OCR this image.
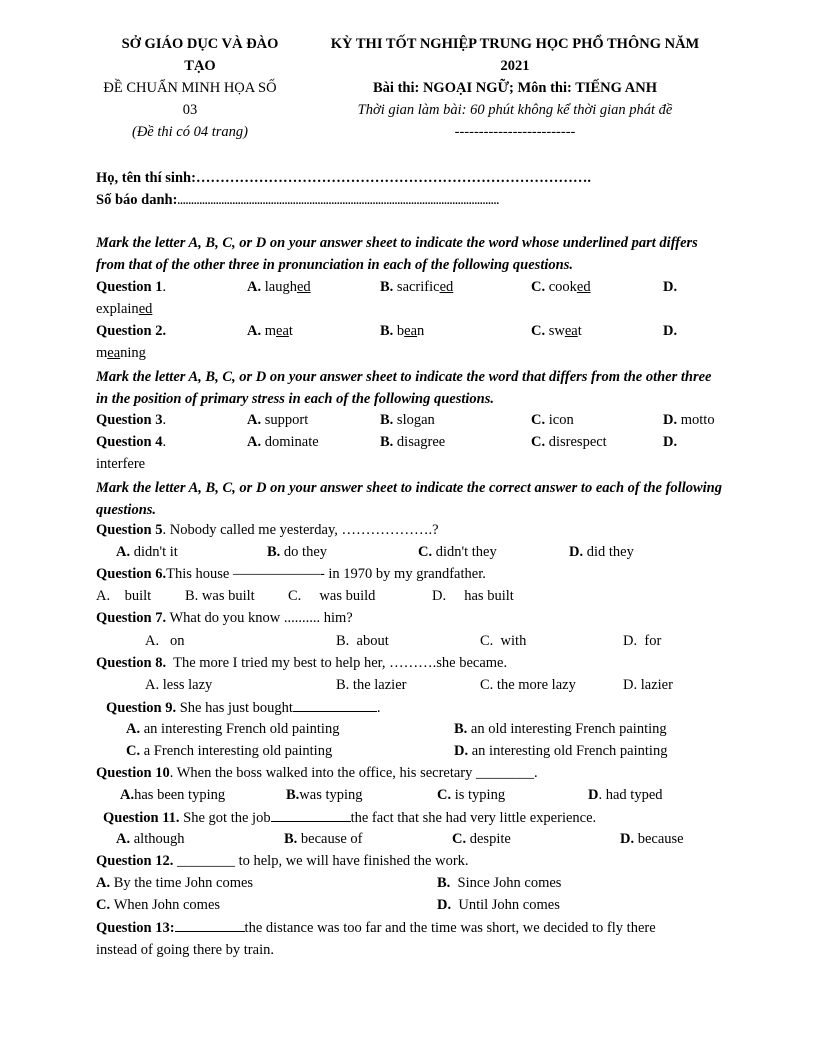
SỞ GIÁO DỤC VÀ ĐÀO
TẠO
ĐỀ CHUẨN MINH HỌA SỐ
03
(Đề thi có 04 trang)
KỲ THI TỐT NGHIỆP TRUNG HỌC PHỔ THÔNG NĂM
2021
Bài thi: NGOẠI NGỮ; Môn thi: TIẾNG ANH
Thời gian làm bài: 60 phút không kể thời gian phát đề
-------------------------
Họ, tên thí sinh:……………………………………………………………………….
Số báo danh:.....................................................................................................................
Mark the letter A, B, C, or D on your answer sheet to indicate the word whose underlined part differs from that of the other three in pronunciation in each of the following questions.
Question 1.	A. laughed	B. sacrificed	C. cooked	D.
explained
Question 2.	A. meat	B. bean	C. sweat	D.
meaning
Mark the letter A, B, C, or D on your answer sheet to indicate the word that differs from the other three in the position of primary stress in each of the following questions.
Question 3.	A. support	B. slogan	C. icon	D. motto
Question 4.	A. dominate	B. disagree	C. disrespect	D.
interfere
Mark the letter A, B, C, or D on your answer sheet to indicate the correct answer to each of the following questions.
Question 5. Nobody called me yesterday, ……………….?
A. didn't it	B. do they	C. didn't they	D. did they
Question 6.This house ——————- in 1970 by my grandfather.
A.    built B. was built C.     was build	D.     has built
Question 7. What do you know .......... him?
A.   on	B.  about	C.  with	D.  for
Question 8. The more I tried my best to help her, ……….she became.
A. less lazy	B. the lazier	C. the more lazy	D. lazier
Question 9. She has just bought	.
A. an interesting French old painting	B. an old interesting French painting
C. a French interesting old painting	D. an interesting old French painting
Question 10. When the boss walked into the office, his secretary ________.
A.has been typing	B.was typing	C. is typing	D. had typed
Question 11. She got the job	the fact that she had very little experience.
A. although	B. because of	C. despite	D. because
Question 12. ________ to help, we will have finished the work.
A. By the time John comes	B.  Since John comes
C. When John comes	D.  Until John comes
Question 13:	the distance was too far and the time was short, we decided to fly there
instead of going there by train.
